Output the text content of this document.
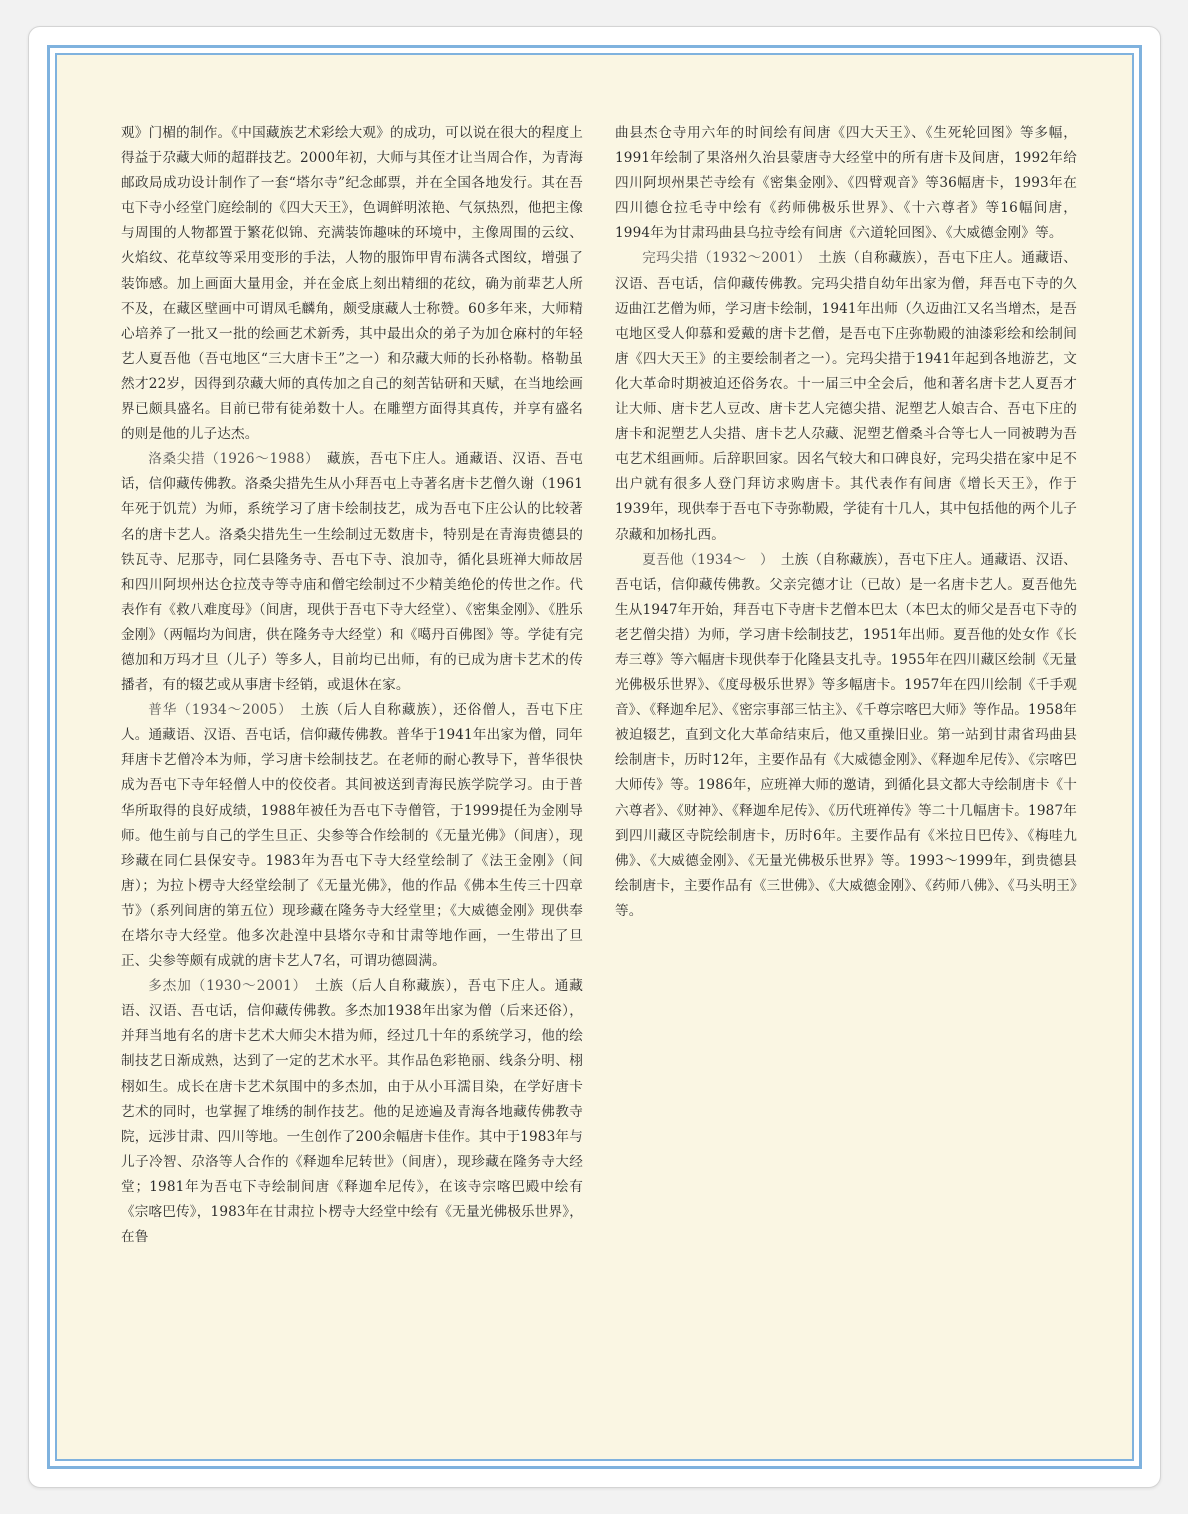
观》门楣的制作。《中国藏族艺术彩绘大观》的成功，可以说在很大的程度上得益于尕藏大师的超群技艺。2000年初，大师与其侄才让当周合作，为青海邮政局成功设计制作了一套“塔尔寺”纪念邮票，并在全国各地发行。其在吾屯下寺小经堂门庭绘制的《四大天王》，色调鲜明浓艳、气氛热烈，他把主像与周围的人物都置于繁花似锦、充满装饰趣味的环境中，主像周围的云纹、火焰纹、花草纹等采用变形的手法，人物的服饰甲胄布满各式图纹，增强了装饰感。加上画面大量用金，并在金底上刻出精细的花纹，确为前辈艺人所不及，在藏区壁画中可谓凤毛麟角，颇受康藏人士称赞。60多年来，大师精心培养了一批又一批的绘画艺术新秀，其中最出众的弟子为加仓麻村的年轻艺人夏吾他（吾屯地区“三大唐卡王”之一）和尕藏大师的长孙格勒。格勒虽然才22岁，因得到尕藏大师的真传加之自己的刻苦钻研和天赋，在当地绘画界已颇具盛名。目前已带有徒弟数十人。在雕塑方面得其真传，并享有盛名的则是他的儿子达杰。

洛桑尖措（1926～1988）　 藏族，吾屯下庄人。通藏语、汉语、吾屯话，信仰藏传佛教。洛桑尖措先生从小拜吾屯上寺著名唐卡艺僧久谢（1961年死于饥荒）为师，系统学习了唐卡绘制技艺，成为吾屯下庄公认的比较著名的唐卡艺人。洛桑尖措先生一生绘制过无数唐卡，特别是在青海贵德县的铁瓦寺、尼那寺，同仁县隆务寺、吾屯下寺、浪加寺，循化县班禅大师故居和四川阿坝州达仓拉茂寺等寺庙和僧宅绘制过不少精美绝伦的传世之作。代表作有《救八难度母》（间唐，现供于吾屯下寺大经堂）、《密集金刚》、《胜乐金刚》（两幅均为间唐，供在隆务寺大经堂）和《噶丹百佛图》等。学徒有完德加和万玛才旦（儿子）等多人，目前均已出师，有的已成为唐卡艺术的传播者，有的辍艺或从事唐卡经销，或退休在家。

普华（1934～2005）　 土族（后人自称藏族），还俗僧人，吾屯下庄人。通藏语、汉语、吾屯话，信仰藏传佛教。普华于1941年出家为僧，同年拜唐卡艺僧冷本为师，学习唐卡绘制技艺。在老师的耐心教导下，普华很快成为吾屯下寺年轻僧人中的佼佼者。其间被送到青海民族学院学习。由于普华所取得的良好成绩，1988年被任为吾屯下寺僧管，于1999提任为金刚导师。他生前与自己的学生旦正、尖参等合作绘制的《无量光佛》（间唐），现珍藏在同仁县保安寺。1983年为吾屯下寺大经堂绘制了《法王金刚》（间唐）；为拉卜楞寺大经堂绘制了《无量光佛》，他的作品《佛本生传三十四章节》（系列间唐的第五位）现珍藏在隆务寺大经堂里；《大威德金刚》现供奉在塔尔寺大经堂。他多次赴湟中县塔尔寺和甘肃等地作画，一生带出了旦正、尖参等颇有成就的唐卡艺人7名，可谓功德圆满。

多杰加（1930～2001）　 土族（后人自称藏族），吾屯下庄人。通藏语、汉语、吾屯话，信仰藏传佛教。多杰加1938年出家为僧（后来还俗），并拜当地有名的唐卡艺术大师尖木措为师，经过几十年的系统学习，他的绘制技艺日渐成熟，达到了一定的艺术水平。其作品色彩艳丽、线条分明、栩栩如生。成长在唐卡艺术氛围中的多杰加，由于从小耳濡目染，在学好唐卡艺术的同时，也掌握了堆绣的制作技艺。他的足迹遍及青海各地藏传佛教寺院，远涉甘肃、四川等地。一生创作了200余幅唐卡佳作。其中于1983年与儿子冷智、尕洛等人合作的《释迦牟尼转世》（间唐），现珍藏在隆务寺大经堂；1981年为吾屯下寺绘制间唐《释迦牟尼传》，在该寺宗喀巴殿中绘有《宗喀巴传》，1983年在甘肃拉卜楞寺大经堂中绘有《无量光佛极乐世界》，在鲁

曲县杰仓寺用六年的时间绘有间唐《四大天王》、《生死轮回图》等多幅，1991年绘制了果洛州久治县蒙唐寺大经堂中的所有唐卡及间唐，1992年给四川阿坝州果芒寺绘有《密集金刚》、《四臂观音》等36幅唐卡，1993年在四川德仓拉毛寺中绘有《药师佛极乐世界》、《十六尊者》等16幅间唐，1994年为甘肃玛曲县乌拉寺绘有间唐《六道轮回图》、《大威德金刚》等。

完玛尖措（1932～2001）　 土族（自称藏族），吾屯下庄人。通藏语、汉语、吾屯话，信仰藏传佛教。完玛尖措自幼年出家为僧，拜吾屯下寺的久迈曲江艺僧为师，学习唐卡绘制，1941年出师（久迈曲江又名当增杰，是吾屯地区受人仰慕和爱戴的唐卡艺僧，是吾屯下庄弥勒殿的油漆彩绘和绘制间唐《四大天王》的主要绘制者之一）。完玛尖措于1941年起到各地游艺，文化大革命时期被迫还俗务农。十一届三中全会后，他和著名唐卡艺人夏吾才让大师、唐卡艺人豆改、唐卡艺人完德尖措、泥塑艺人娘吉合、吾屯下庄的唐卡和泥塑艺人尖措、唐卡艺人尕藏、泥塑艺僧桑斗合等七人一同被聘为吾屯艺术组画师。后辞职回家。因名气较大和口碑良好，完玛尖措在家中足不出户就有很多人登门拜访求购唐卡。其代表作有间唐《增长天王》，作于1939年，现供奉于吾屯下寺弥勒殿，学徒有十几人，其中包括他的两个儿子尕藏和加杨扎西。

夏吾他（1934～　）　 土族（自称藏族），吾屯下庄人。通藏语、汉语、吾屯话，信仰藏传佛教。父亲完德才让（已故）是一名唐卡艺人。夏吾他先生从1947年开始，拜吾屯下寺唐卡艺僧本巴太（本巴太的师父是吾屯下寺的老艺僧尖措）为师，学习唐卡绘制技艺，1951年出师。夏吾他的处女作《长寿三尊》等六幅唐卡现供奉于化隆县支扎寺。1955年在四川藏区绘制《无量光佛极乐世界》、《度母极乐世界》等多幅唐卡。1957年在四川绘制《千手观音》、《释迦牟尼》、《密宗事部三怙主》、《千尊宗喀巴大师》等作品。1958年被迫辍艺，直到文化大革命结束后，他又重操旧业。第一站到甘肃省玛曲县绘制唐卡，历时12年，主要作品有《大威德金刚》、《释迦牟尼传》、《宗喀巴大师传》等。1986年，应班禅大师的邀请，到循化县文都大寺绘制唐卡《十六尊者》、《财神》、《释迦牟尼传》、《历代班禅传》等二十几幅唐卡。1987年到四川藏区寺院绘制唐卡，历时6年。主要作品有《米拉日巴传》、《梅哇九佛》、《大威德金刚》、《无量光佛极乐世界》等。1993～1999年，到贵德县绘制唐卡，主要作品有《三世佛》、《大威德金刚》、《药师八佛》、《马头明王》等。
